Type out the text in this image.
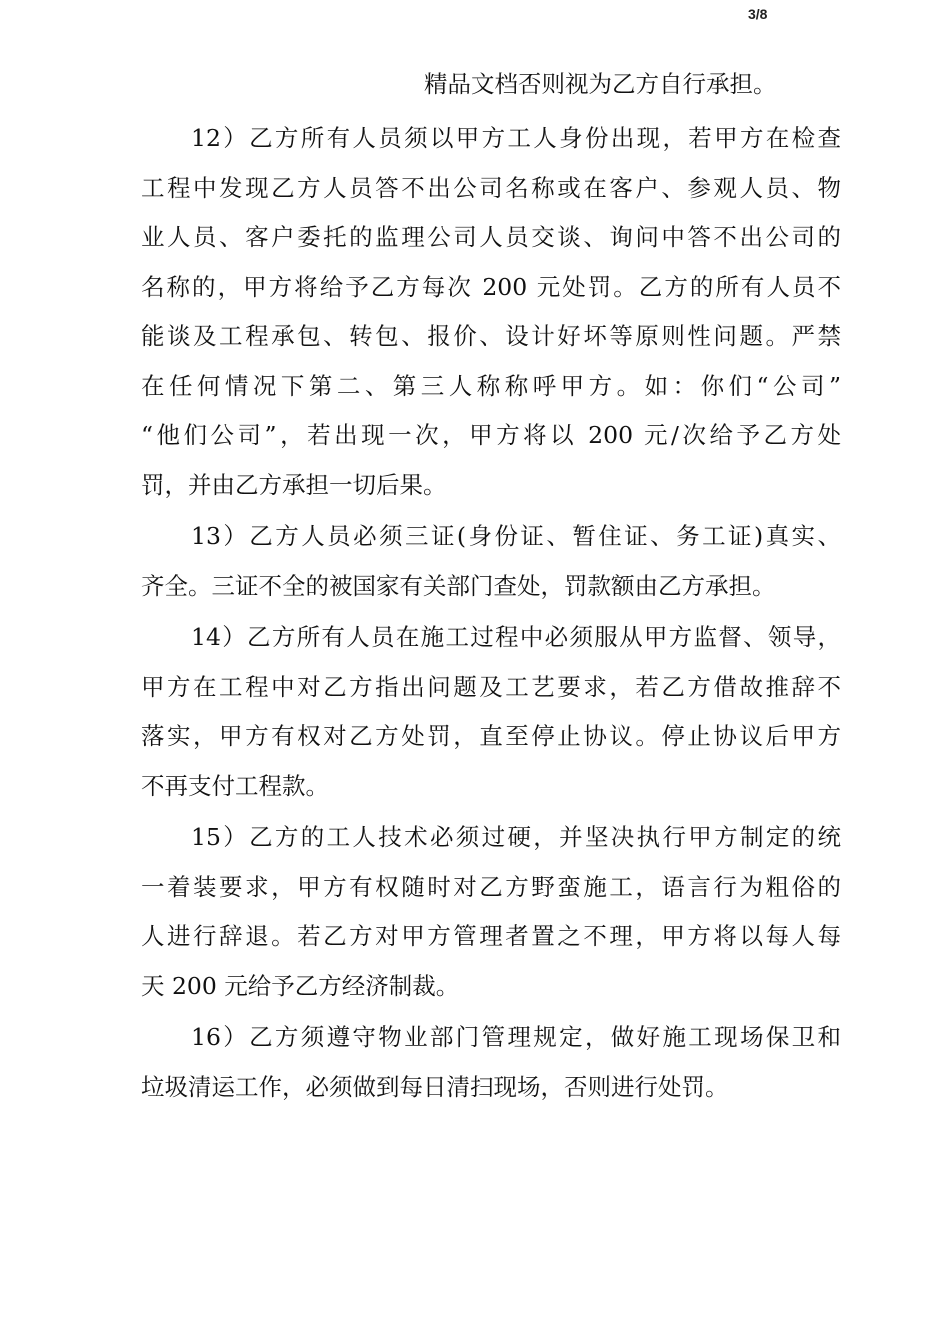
3/8
精品文档否则视为乙方自行承担。
12）乙方所有人员须以甲方工人身份出现，若甲方在检查
工程中发现乙方人员答不出公司名称或在客户、参观人员、物
业人员、客户委托的监理公司人员交谈、询问中答不出公司的
名称的，甲方将给予乙方每次 200 元处罚。乙方的所有人员不
能谈及工程承包、转包、报价、设计好坏等原则性问题。严禁
在任何情况下第二、第三人称称呼甲方。如：你们“公司”
“他们公司”，若出现一次，甲方将以 200 元/次给予乙方处
罚，并由乙方承担一切后果。
13）乙方人员必须三证(身份证、暂住证、务工证)真实、
齐全。三证不全的被国家有关部门查处，罚款额由乙方承担。
14）乙方所有人员在施工过程中必须服从甲方监督、领导，
甲方在工程中对乙方指出问题及工艺要求，若乙方借故推辞不
落实，甲方有权对乙方处罚，直至停止协议。停止协议后甲方
不再支付工程款。
15）乙方的工人技术必须过硬，并坚决执行甲方制定的统
一着装要求，甲方有权随时对乙方野蛮施工，语言行为粗俗的
人进行辞退。若乙方对甲方管理者置之不理，甲方将以每人每
天 200 元给予乙方经济制裁。
16）乙方须遵守物业部门管理规定，做好施工现场保卫和
垃圾清运工作，必须做到每日清扫现场，否则进行处罚。
